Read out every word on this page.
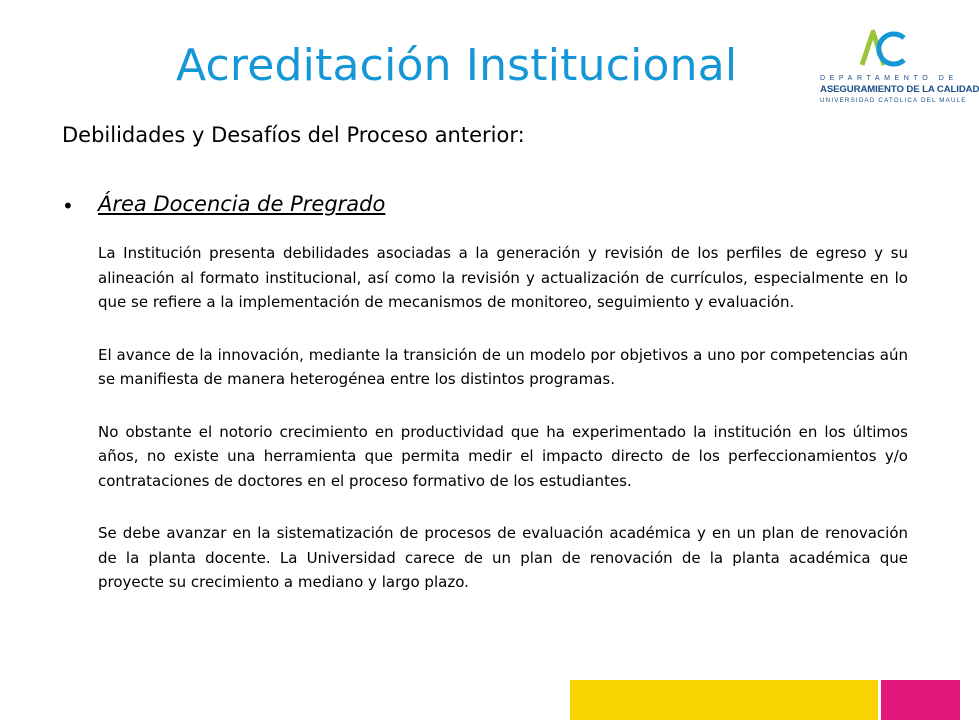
Acreditación Institucional	DEPARTAMENTO DE
ASEGURAMIENTO DE LA CALIDAD
UNIVERSIDAD CATOLICA DEL MAULE
Debilidades y Desafíos del Proceso anterior:
• Área Docencia de Pregrado

La Institución presenta debilidades asociadas a la generación y revisión de los perfiles de egreso y su alineación al formato institucional, así como la revisión y actualización de currículos, especialmente en lo que se refiere a la implementación de mecanismos de monitoreo, seguimiento y evaluación.

El avance de la innovación, mediante la transición de un modelo por objetivos a uno por competencias aún se manifiesta de manera heterogénea entre los distintos programas.

No obstante el notorio crecimiento en productividad que ha experimentado la institución en los últimos años, no existe una herramienta que permita medir el impacto directo de los perfeccionamientos y/o contrataciones de doctores en el proceso formativo de los estudiantes.

Se debe avanzar en la sistematización de procesos de evaluación académica y en un plan de renovación de la planta docente. La Universidad carece de un plan de renovación de la planta académica que proyecte su crecimiento a mediano y largo plazo.
